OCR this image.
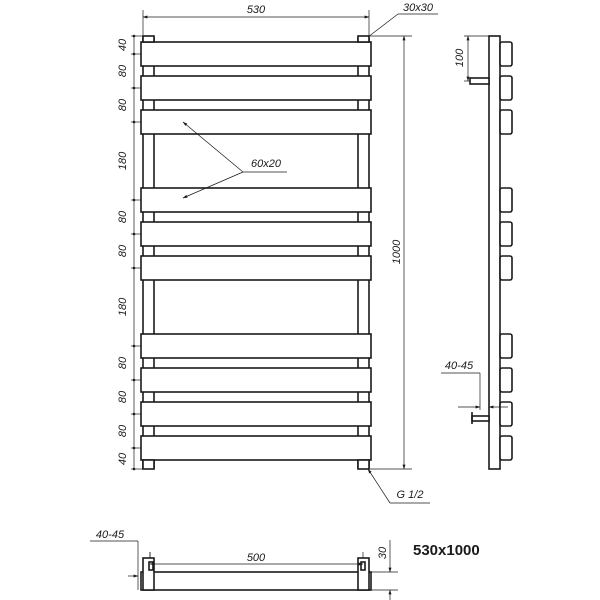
530	30x30
1000
60x20
G 1/2
40
80
80
180
80
80
180
80
80
80
40
100
40-45
40-45
500	30 530x1000
